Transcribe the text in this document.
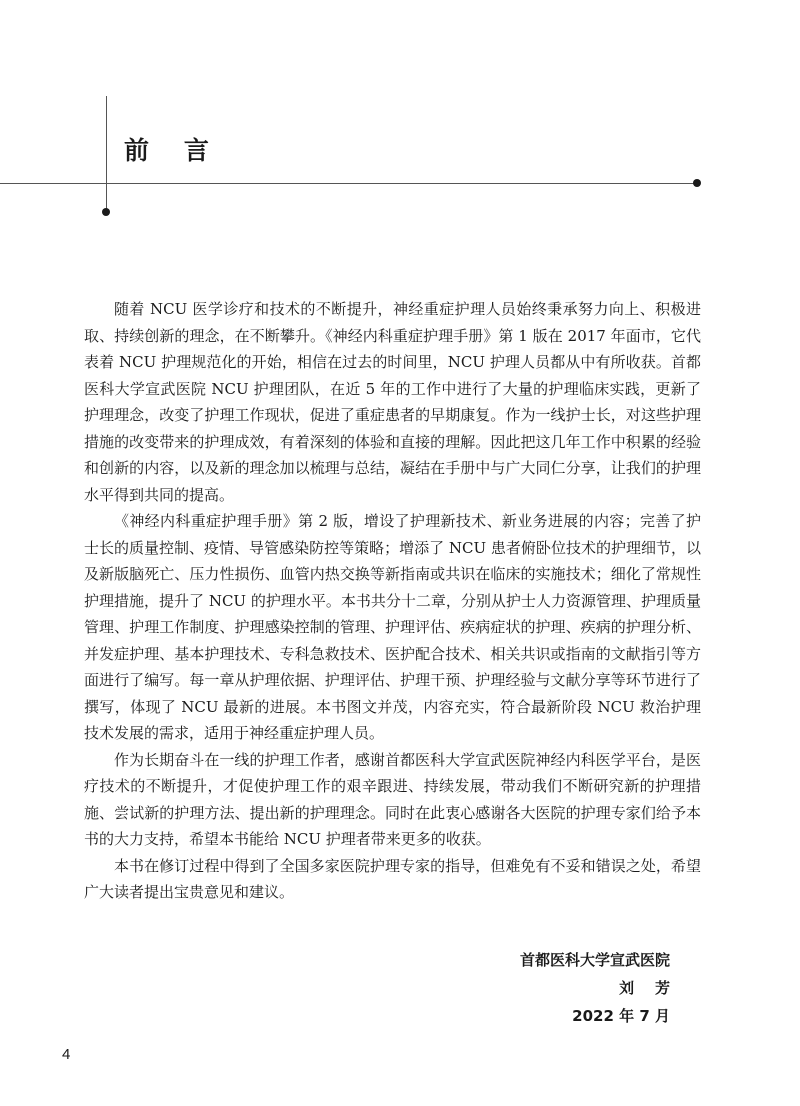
前    言

随着 NCU 医学诊疗和技术的不断提升，神经重症护理人员始终秉承努力向上、积极进取、持续创新的理念，在不断攀升。《神经内科重症护理手册》第 1 版在 2017 年面市，它代表着 NCU 护理规范化的开始，相信在过去的时间里，NCU 护理人员都从中有所收获。首都医科大学宣武医院 NCU 护理团队，在近 5 年的工作中进行了大量的护理临床实践，更新了护理理念，改变了护理工作现状，促进了重症患者的早期康复。作为一线护士长，对这些护理措施的改变带来的护理成效，有着深刻的体验和直接的理解。因此把这几年工作中积累的经验和创新的内容，以及新的理念加以梳理与总结，凝结在手册中与广大同仁分享，让我们的护理水平得到共同的提高。

《神经内科重症护理手册》第 2 版，增设了护理新技术、新业务进展的内容；完善了护士长的质量控制、疫情、导管感染防控等策略；增添了 NCU 患者俯卧位技术的护理细节，以及新版脑死亡、压力性损伤、血管内热交换等新指南或共识在临床的实施技术；细化了常规性护理措施，提升了 NCU 的护理水平。本书共分十二章，分别从护士人力资源管理、护理质量管理、护理工作制度、护理感染控制的管理、护理评估、疾病症状的护理、疾病的护理分析、并发症护理、基本护理技术、专科急救技术、医护配合技术、相关共识或指南的文献指引等方面进行了编写。每一章从护理依据、护理评估、护理干预、护理经验与文献分享等环节进行了撰写，体现了 NCU 最新的进展。本书图文并茂，内容充实，符合最新阶段 NCU 救治护理技术发展的需求，适用于神经重症护理人员。

作为长期奋斗在一线的护理工作者，感谢首都医科大学宣武医院神经内科医学平台，是医疗技术的不断提升，才促使护理工作的艰辛跟进、持续发展，带动我们不断研究新的护理措施、尝试新的护理方法、提出新的护理理念。同时在此衷心感谢各大医院的护理专家们给予本书的大力支持，希望本书能给 NCU 护理者带来更多的收获。

本书在修订过程中得到了全国多家医院护理专家的指导，但难免有不妥和错误之处，希望广大读者提出宝贵意见和建议。

首都医科大学宣武医院
刘    芳
2022 年 7 月
4
